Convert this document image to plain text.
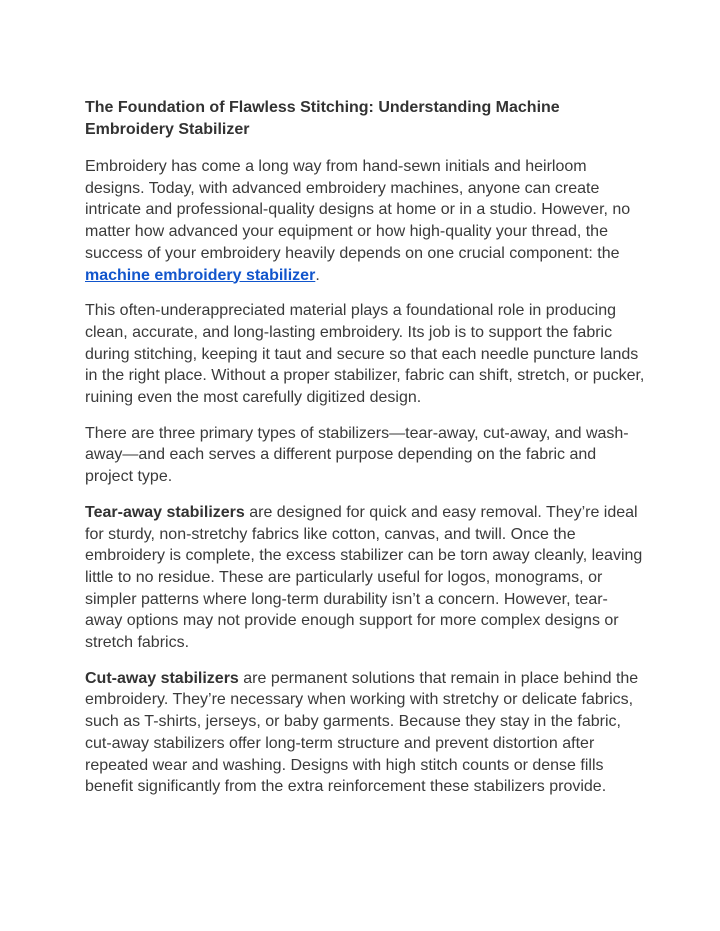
The Foundation of Flawless Stitching: Understanding Machine Embroidery Stabilizer

Embroidery has come a long way from hand-sewn initials and heirloom designs. Today, with advanced embroidery machines, anyone can create intricate and professional-quality designs at home or in a studio. However, no matter how advanced your equipment or how high-quality your thread, the success of your embroidery heavily depends on one crucial component: the machine embroidery stabilizer.

This often-underappreciated material plays a foundational role in producing clean, accurate, and long-lasting embroidery. Its job is to support the fabric during stitching, keeping it taut and secure so that each needle puncture lands in the right place. Without a proper stabilizer, fabric can shift, stretch, or pucker, ruining even the most carefully digitized design.

There are three primary types of stabilizers—tear-away, cut-away, and wash-away—and each serves a different purpose depending on the fabric and project type.

Tear-away stabilizers are designed for quick and easy removal. They’re ideal for sturdy, non-stretchy fabrics like cotton, canvas, and twill. Once the embroidery is complete, the excess stabilizer can be torn away cleanly, leaving little to no residue. These are particularly useful for logos, monograms, or simpler patterns where long-term durability isn’t a concern. However, tear-away options may not provide enough support for more complex designs or stretch fabrics.

Cut-away stabilizers are permanent solutions that remain in place behind the embroidery. They’re necessary when working with stretchy or delicate fabrics, such as T-shirts, jerseys, or baby garments. Because they stay in the fabric, cut-away stabilizers offer long-term structure and prevent distortion after repeated wear and washing. Designs with high stitch counts or dense fills benefit significantly from the extra reinforcement these stabilizers provide.
